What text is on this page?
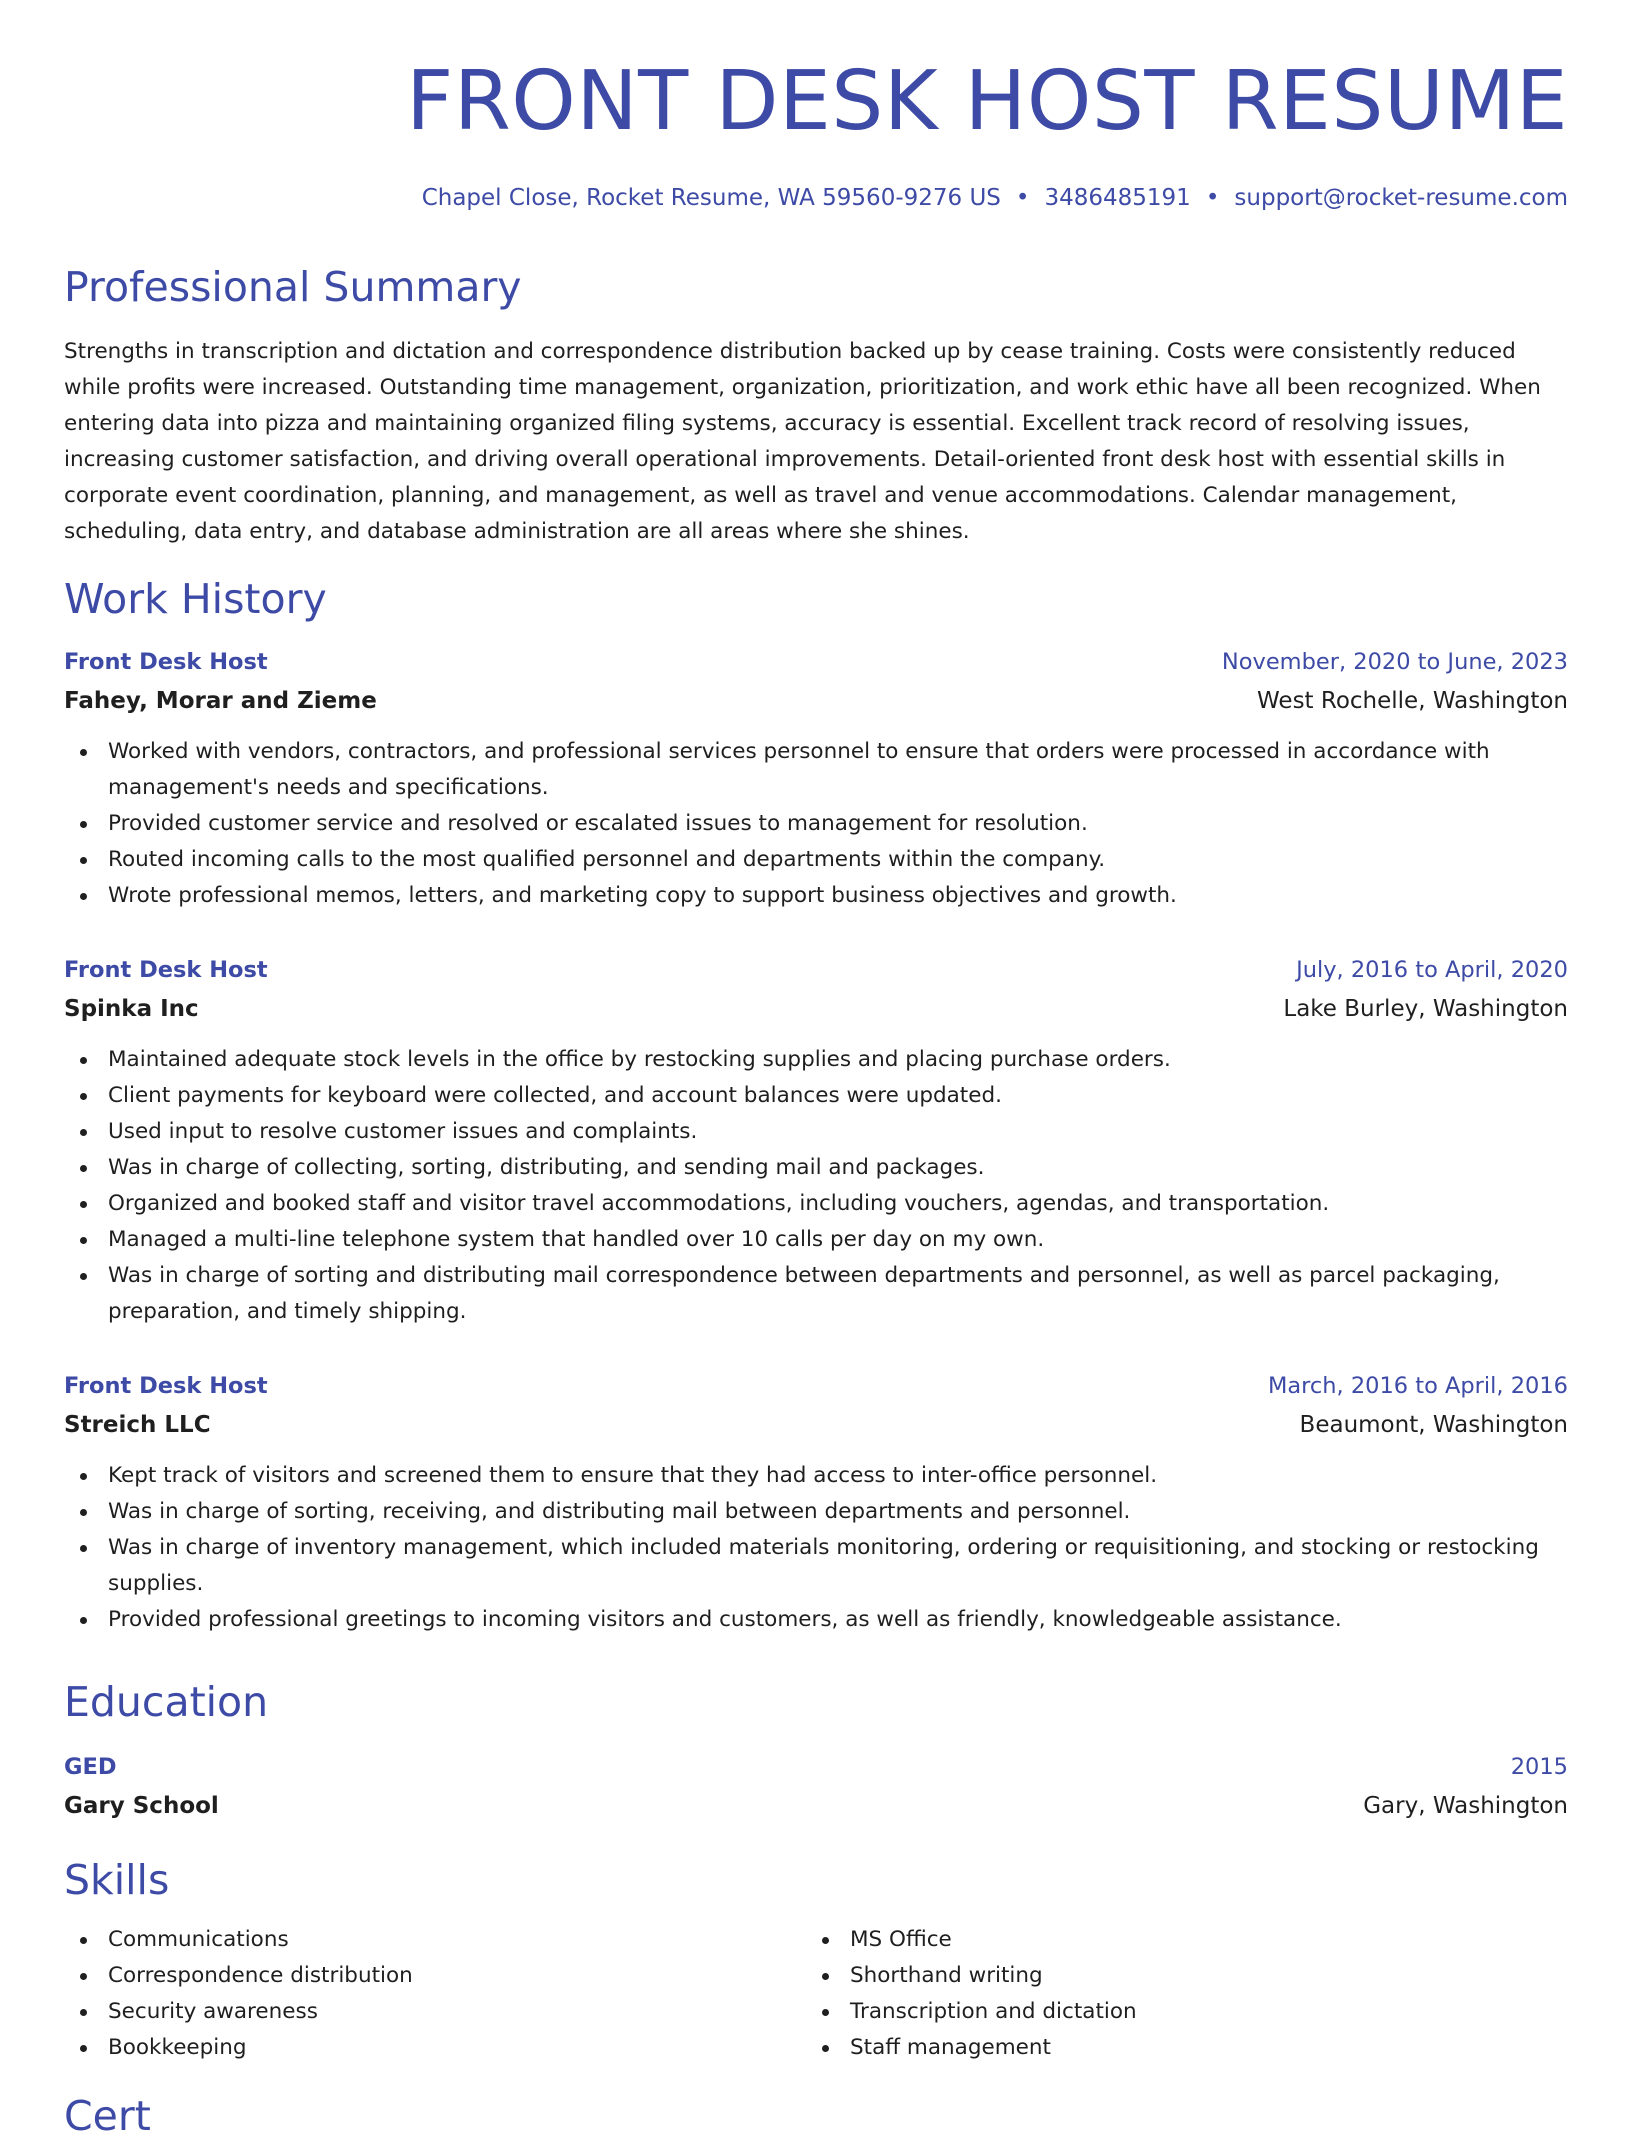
FRONT DESK HOST RESUME
Chapel Close, Rocket Resume, WA 59560-9276 US • 3486485191 • support@rocket-resume.com
Professional Summary

Strengths in transcription and dictation and correspondence distribution backed up by cease training. Costs were consistently reduced while profits were increased. Outstanding time management, organization, prioritization, and work ethic have all been recognized. When entering data into pizza and maintaining organized filing systems, accuracy is essential. Excellent track record of resolving issues, increasing customer satisfaction, and driving overall operational improvements. Detail-oriented front desk host with essential skills in corporate event coordination, planning, and management, as well as travel and venue accommodations. Calendar management, scheduling, data entry, and database administration are all areas where she shines.

Work History
Front Desk Host	November, 2020 to June, 2023
Fahey, Morar and Zieme	West Rochelle, Washington
Worked with vendors, contractors, and professional services personnel to ensure that orders were processed in accordance with management's needs and specifications.
Provided customer service and resolved or escalated issues to management for resolution.
Routed incoming calls to the most qualified personnel and departments within the company.
Wrote professional memos, letters, and marketing copy to support business objectives and growth.
Front Desk Host	July, 2016 to April, 2020
Spinka Inc	Lake Burley, Washington
Maintained adequate stock levels in the office by restocking supplies and placing purchase orders.
Client payments for keyboard were collected, and account balances were updated.
Used input to resolve customer issues and complaints.
Was in charge of collecting, sorting, distributing, and sending mail and packages.
Organized and booked staff and visitor travel accommodations, including vouchers, agendas, and transportation.
Managed a multi-line telephone system that handled over 10 calls per day on my own.
Was in charge of sorting and distributing mail correspondence between departments and personnel, as well as parcel packaging, preparation, and timely shipping.
Front Desk Host	March, 2016 to April, 2016
Streich LLC	Beaumont, Washington
Kept track of visitors and screened them to ensure that they had access to inter-office personnel.
Was in charge of sorting, receiving, and distributing mail between departments and personnel.
Was in charge of inventory management, which included materials monitoring, ordering or requisitioning, and stocking or restocking supplies.
Provided professional greetings to incoming visitors and customers, as well as friendly, knowledgeable assistance.
Education
GED	2015
Gary School	Gary, Washington
Skills
Communications
Correspondence distribution
Security awareness
Bookkeeping
MS Office
Shorthand writing
Transcription and dictation
Staff management
Cert
